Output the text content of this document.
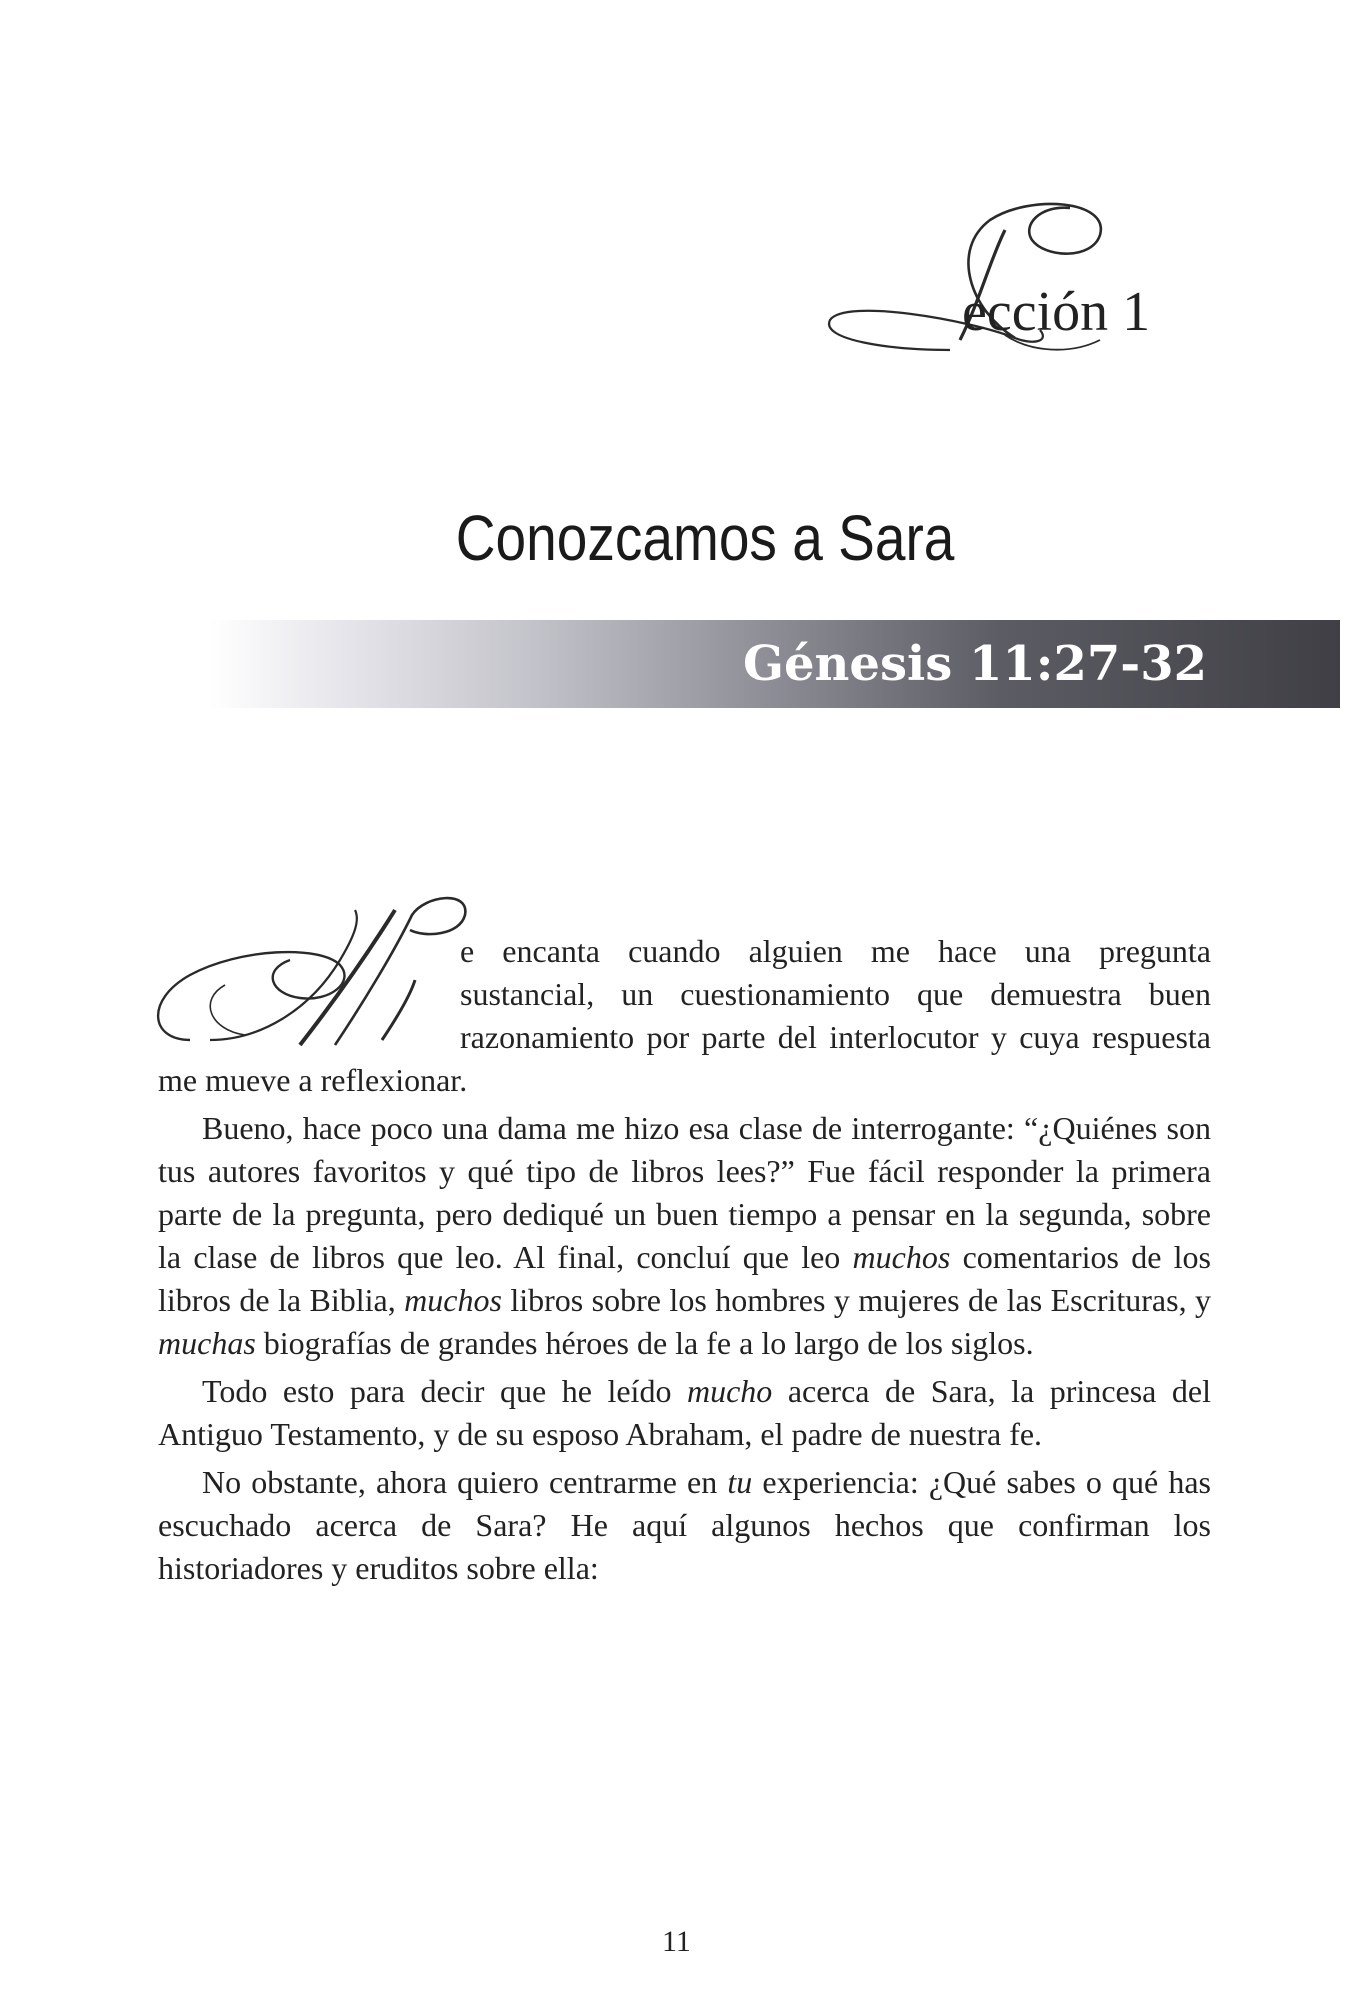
ección 1
Conozcamos a Sara
Génesis 11:27-32

e encanta cuando alguien me hace una pregunta sustancial, un cuestionamiento que demuestra buen razonamiento por parte del interlocutor y cuya respuesta me mueve a reflexionar.

Bueno, hace poco una dama me hizo esa clase de interrogante: “¿Quiénes son tus autores favoritos y qué tipo de libros lees?” Fue fácil responder la primera parte de la pregunta, pero dediqué un buen tiempo a pensar en la segunda, sobre la clase de libros que leo. Al final, concluí que leo muchos comentarios de los libros de la Biblia, muchos libros sobre los hombres y mujeres de las Escrituras, y muchas biografías de grandes héroes de la fe a lo largo de los siglos.

Todo esto para decir que he leído mucho acerca de Sara, la princesa del Antiguo Testamento, y de su esposo Abraham, el padre de nuestra fe.

No obstante, ahora quiero centrarme en tu experiencia: ¿Qué sabes o qué has escuchado acerca de Sara? He aquí algunos hechos que confirman los historiadores y eruditos sobre ella:

11
